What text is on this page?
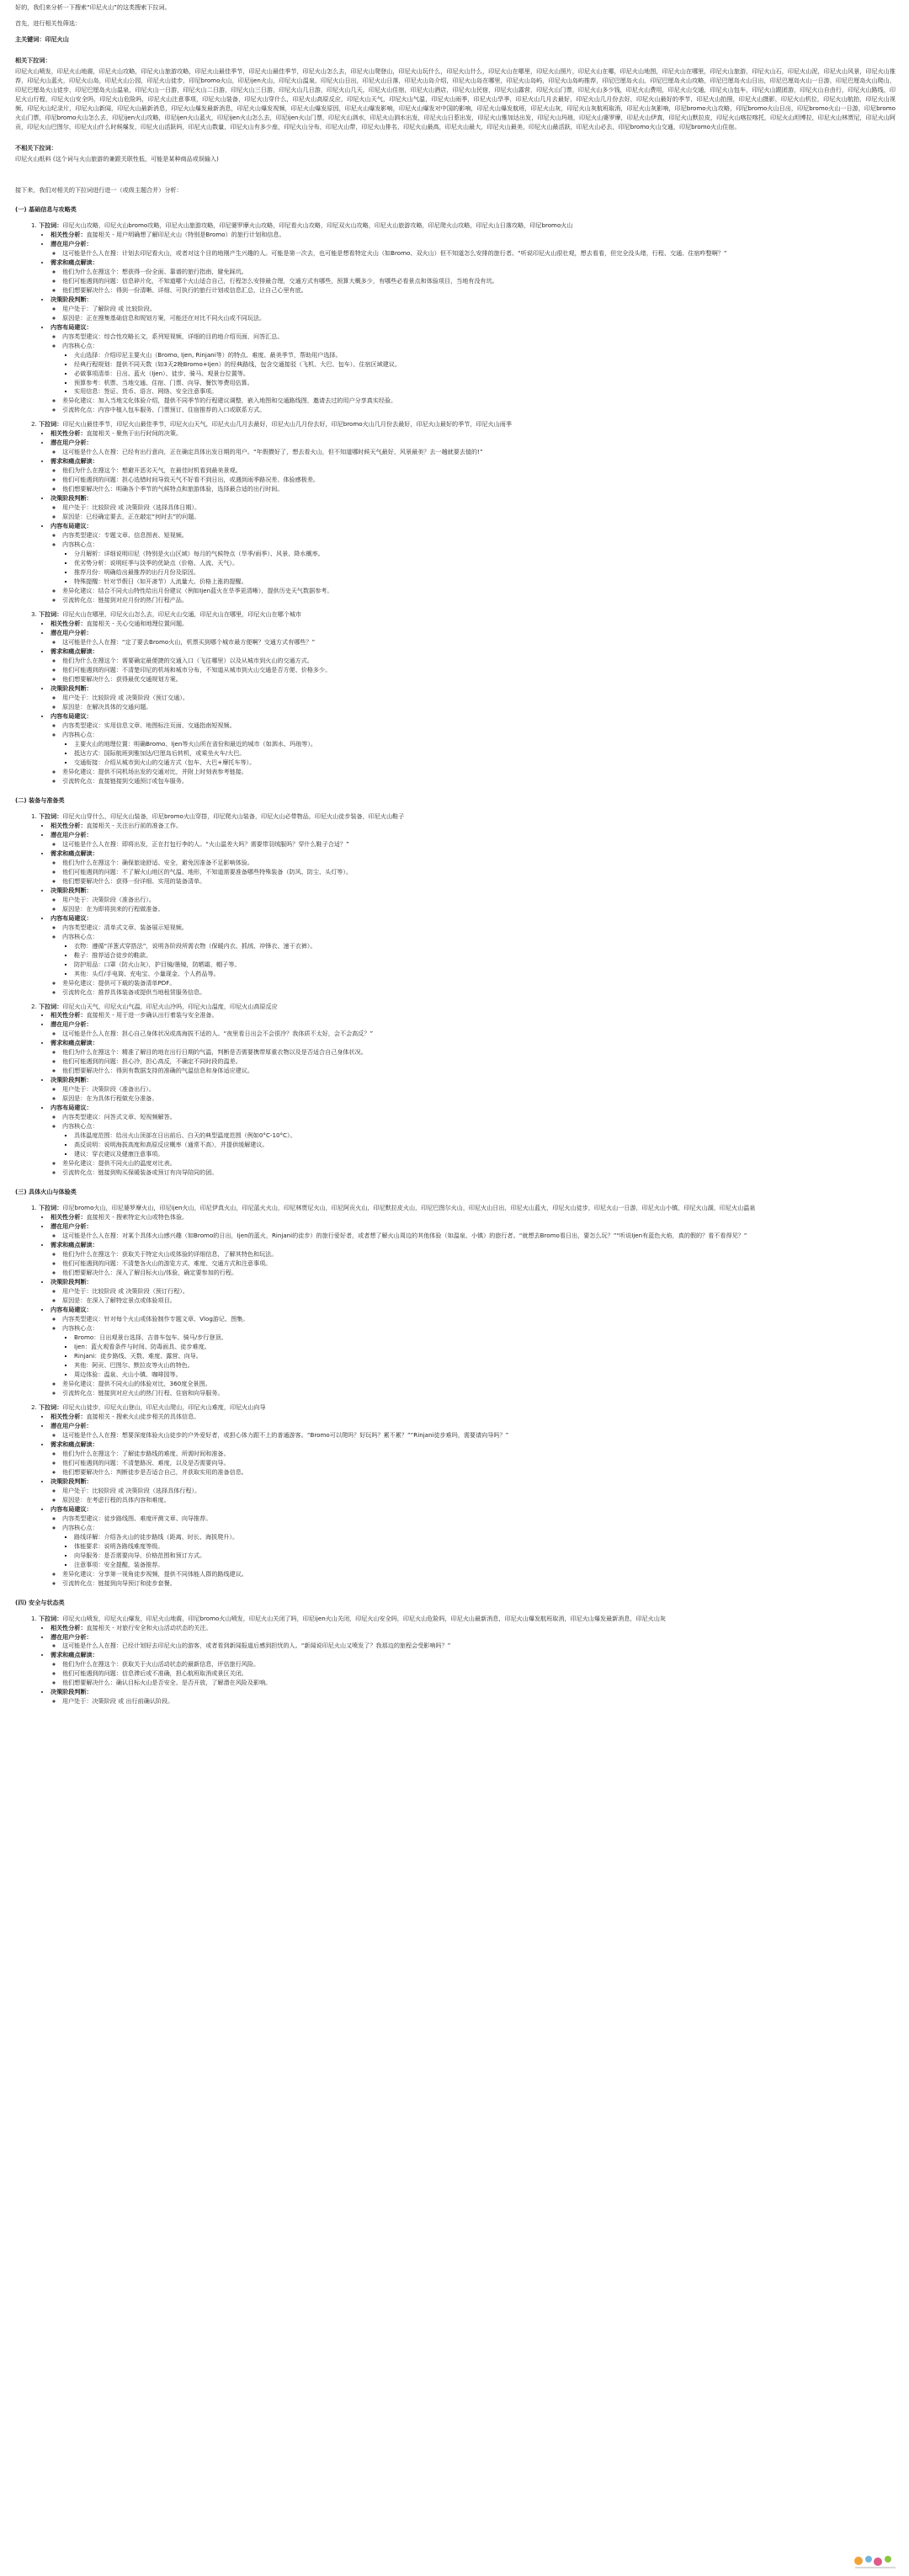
好的，我们来分析一下搜索“印尼火山”的这类搜索下拉词。

首先，进行相关性筛选：

主关键词：印尼火山

相关下拉词：
印尼火山喷发，印尼火山地震，印尼火山攻略，印尼火山旅游攻略，印尼火山最佳季节，印尼火山最佳季节，印尼火山怎么去，印尼火山爬登山，印尼火山玩什么，印尼火山什么，印尼火山在哪里，印尼火山照片，印尼火山在哪，印尼火山地图，印尼火山在哪里，印尼火山旅游，印尼火山石，印尼火山泥，印尼火山风景，印尼火山推荐，印尼火山蓝火，印尼火山岛，印尼火山公园，印尼火山徒步，印尼bromo火山，印尼ijen火山，印尼火山温泉，印尼火山日出，印尼火山日落，印尼火山岛介绍，印尼火山岛在哪里，印尼火山岛屿，印尼火山岛屿推荐，印尼巴厘岛火山，印尼巴厘岛火山攻略，印尼巴厘岛火山日出，印尼巴厘岛火山一日游，印尼巴厘岛火山爬山，印尼巴厘岛火山徒步，印尼巴厘岛火山温泉，印尼火山一日游，印尼火山二日游，印尼火山三日游，印尼火山几日游，印尼火山几天，印尼火山住宿，印尼火山酒店，印尼火山民宿，印尼火山露营，印尼火山门票，印尼火山多少钱，印尼火山费用，印尼火山交通，印尼火山包车，印尼火山跟团游，印尼火山自由行，印尼火山路线，印尼火山行程，印尼火山安全吗，印尼火山危险吗，印尼火山注意事项，印尼火山装备，印尼火山穿什么，印尼火山高原反应，印尼火山天气，印尼火山气温，印尼火山雨季，印尼火山旱季，印尼火山几月去最好，印尼火山几月份去好，印尼火山最好的季节，印尼火山拍照，印尼火山摄影，印尼火山机位，印尼火山航拍，印尼火山视频，印尼火山纪录片，印尼火山新闻，印尼火山最新消息，印尼火山爆发最新消息，印尼火山爆发视频，印尼火山爆发原因，印尼火山爆发影响，印尼火山爆发对中国的影响，印尼火山爆发航班，印尼火山灰，印尼火山灰航班取消，印尼火山灰影响，印尼bromo火山攻略，印尼bromo火山日出，印尼bromo火山一日游，印尼bromo火山门票，印尼bromo火山怎么去，印尼ijen火山攻略，印尼ijen火山蓝火，印尼ijen火山怎么去，印尼ijen火山门票，印尼火山泗水，印尼火山泗水出发，印尼火山日惹出发，印尼火山雅加达出发，印尼火山玛琅，印尼火山婆罗摩，印尼火山伊真，印尼火山默拉皮，印尼火山喀拉喀托，印尼火山坦博拉，印尼火山林贾尼，印尼火山阿贡，印尼火山巴图尔，印尼火山什么时候爆发，印尼火山活跃吗，印尼火山数量，印尼火山有多少座，印尼火山分布，印尼火山带，印尼火山排名，印尼火山最高，印尼火山最大，印尼火山最美，印尼火山最活跃，印尼火山必去，印尼bromo火山交通，印尼bromo火山住宿。
不相关下拉词：

印尼火山纸料 (这个词与火山旅游的兼跟关联性低，可能是某种商品或误输入)

接下来，我们对相关的下拉词进行进一（或级主题合并）分析：

(一) 基础信息与攻略类
1. 下拉词：印尼火山攻略，印尼火山bromo攻略，印尼火山旅游攻略，印尼婆罗摩火山攻略，印尼看火山攻略，印尼双火山攻略，印尼火山旅游攻略，印尼爬火山攻略，印尼火山日落攻略，印尼bromo火山
• 相关性分析：直接相关 - 用户明确想了解印尼火山（特别是Bromo）的旅行计划和信息。
• 潜在用户分析：
◦ 这可能是什么人在搜：计划去印尼看火山，或者对这个目的地刚产生兴趣的人。可能是第一次去，也可能是想看特定火山（如Bromo、双火山）但不知道怎么安排的旅行者。“听说印尼火山很壮观，想去看看，但完全没头绪，行程、交通、住宿咋整啊？”
• 需求和痛点解读：
◦ 他们为什么在搜这个：想获得一份全面、靠谱的旅行指南，避免踩坑。
◦ 他们可能遇到的问题：信息碎片化，不知道哪个火山适合自己，行程怎么安排最合理，交通方式有哪些，预算大概多少，有哪些必看景点和体验项目，当地有没有坑。
◦ 他们想要解决什么：得到一份清晰、详细、可执行的旅行计划或信息汇总，让自己心里有底。
• 决策阶段判断：
◦ 用户处于：了解阶段 或 比较阶段。
◦ 原因是：正在搜集基础信息和规划方案，可能还在对比不同火山或不同玩法。
• 内容布局建议：
◦ 内容类型建议：综合性攻略长文，系列短视频，详细的目的地介绍页面，问答汇总。
◦ 内容核心点：
▪ 火山选择：介绍印尼主要火山（Bromo, Ijen, Rinjani等）的特点、难度、最美季节，帮助用户选择。
▪ 经典行程规划：提供不同天数（如3天2晚Bromo+Ijen）的经典路线，包含交通接驳（飞机、大巴、包车）、住宿区域建议。
▪ 必做事项清单：日出、蓝火（Ijen）、徒步、骑马、观景台位置等。
▪ 预算参考：机票、当地交通、住宿、门票、向导、餐饮等费用估算。
▪ 实用信息：签证、货币、语言、网络、安全注意事项。
◦ 差异化建议：加入当地文化体验介绍，提供不同季节的行程建议调整，嵌入地图和交通路线图，邀请去过的用户分享真实经验。
◦ 引流转化点：内容中植入包车服务、门票预订、住宿推荐的入口或联系方式。
2. 下拉词：印尼火山最佳季节，印尼火山最佳季节，印尼火山天气，印尼火山几月去最好，印尼火山几月份去好，印尼bromo火山几月份去最好，印尼火山最好的季节，印尼火山雨季
• 相关性分析：直接相关 - 聚焦于出行时间的决策。
• 潜在用户分析：
◦ 这可能是什么人在搜：已经有出行意向，正在确定具体出发日期的用户。“年假攒好了，想去看火山，但不知道哪时候天气最好，风景最美？去一趟就要去值的!”
• 需求和痛点解读：
◦ 他们为什么在搜这个：想避开恶劣天气，在最佳时机看到最美景观。
◦ 他们可能遇到的问题：担心选错时间导致天气不好看不到日出，或遇到雨季路况差、体验感极差。
◦ 他们想要解决什么：明确各个季节的气候特点和旅游体验，选择最合适的出行时间。
• 决策阶段判断：
◦ 用户处于：比较阶段 或 决策阶段（选择具体日期）。
◦ 原因是：已经确定要去，正在敲定“何时去”的问题。
• 内容布局建议：
◦ 内容类型建议：专题文章、信息图表、短视频。
◦ 内容核心点：
▪ 分月解析：详细说明印尼（特别是火山区域）每月的气候特点（旱季/雨季）、风景、降水概率。
▪ 优劣势分析：说明旺季与淡季的优缺点（价格、人流、天气）。
▪ 推荐月份：明确给出最推荐的出行月份及原因。
▪ 特殊提醒：针对节假日（如开斋节）人流量大、价格上涨的提醒。
◦ 差异化建议：结合不同火山特性给出月份建议（例如Ijen蓝火在旱季更清晰），提供历史天气数据参考。
◦ 引流转化点：链接到对应月份的热门行程产品。
3. 下拉词：印尼火山在哪里，印尼火山怎么去，印尼火山交通，印尼火山在哪里，印尼火山在哪个城市
• 相关性分析：直接相关 - 关心交通和地理位置问题。
• 潜在用户分析：
◦ 这可能是什么人在搜：“定了要去Bromo火山，机票买到哪个城市最方便啊？交通方式有哪些？”
• 需求和痛点解读：
◦ 他们为什么在搜这个：需要确定最便捷的交通入口（飞往哪里）以及从城市到火山的交通方式。
◦ 他们可能遇到的问题：不清楚印尼的机场和城市分布，不知道从城市到火山交通是否方便、价格多少。
◦ 他们想要解决什么：获得最优交通规划方案。
• 决策阶段判断：
◦ 用户处于：比较阶段 或 决策阶段（预订交通）。
◦ 原因是：在解决具体的交通问题。
• 内容布局建议：
◦ 内容类型建议：实用信息文章、地图标注页面、交通指南短视频。
◦ 内容核心点：
▪ 主要火山的地理位置：明确Bromo、Ijen等火山所在省份和最近的城市（如泗水、玛琅等）。
▪ 抵达方式：国际航班到雅加达/巴厘岛后转机，或乘坐火车/大巴。
▪ 交通衔接：介绍从城市到火山的交通方式（包车、大巴+摩托车等）。
◦ 差异化建议：提供不同机场出发的交通对比，并附上时刻表参考链接。
◦ 引流转化点：直接链接到交通预订或包车服务。
(二) 装备与准备类
1. 下拉词：印尼火山穿什么，印尼火山装备，印尼bromo火山穿搭，印尼爬火山装备，印尼火山必带物品，印尼火山徒步装备，印尼火山鞋子
• 相关性分析：直接相关 - 关注出行前的准备工作。
• 潜在用户分析：
◦ 这可能是什么人在搜：即将出发，正在打包行李的人。“火山温差大吗？需要带羽绒服吗？穿什么鞋子合适？”
• 需求和痛点解读：
◦ 他们为什么在搜这个：确保旅途舒适、安全，避免因准备不足影响体验。
◦ 他们可能遇到的问题：不了解火山地区的气温、地形，不知道需要准备哪些特殊装备（防风、防尘、头灯等）。
◦ 他们想要解决什么：获得一份详细、实用的装备清单。
• 决策阶段判断：
◦ 用户处于：决策阶段（准备出行）。
◦ 原因是：在为即将到来的行程做准备。
• 内容布局建议：
◦ 内容类型建议：清单式文章、装备展示短视频。
◦ 内容核心点：
▪ 衣物：遵循“洋葱式穿搭法”，说明各阶段所需衣物（保暖内衣、抓绒、冲锋衣、速干衣裤）。
▪ 鞋子：推荐适合徒步的鞋款。
▪ 防护用品：口罩（防火山灰），护目镜/墨镜，防晒霜，帽子等。
▪ 其他：头灯/手电筒、充电宝、小量现金、个人药品等。
◦ 差异化建议：提供可下载的装备清单PDF。
◦ 引流转化点：推荐具体装备或提供当地租赁服务信息。
2. 下拉词：印尼火山天气，印尼火山气温，印尼火山冷吗，印尼火山温度，印尼火山高原反应
• 相关性分析：直接相关 - 用于进一步确认出行着装与安全准备。
• 潜在用户分析：
◦ 这可能是什么人在搜：担心自己身体状况或高海拔不适的人。“夜里看日出会不会很冷？我体质不太好，会不会高反？”
• 需求和痛点解读：
◦ 他们为什么在搜这个：精准了解目的地在出行日期的气温，判断是否需要携带厚重衣物以及是否适合自己身体状况。
◦ 他们可能遇到的问题：担心冷，担心高反，不确定不同时段的温差。
◦ 他们想要解决什么：得到有数据支持的准确的气温信息和身体适应建议。
• 决策阶段判断：
◦ 用户处于：决策阶段（准备出行）。
◦ 原因是：在为具体行程做充分准备。
• 内容布局建议：
◦ 内容类型建议：问答式文章、短视频解答。
◦ 内容核心点：
▪ 具体温度范围：给出火山顶部在日出前后、白天的典型温度范围（例如0°C-10°C）。
▪ 高反说明：说明海拔高度和高原反应概率（通常不高），并提供缓解建议。
▪ 建议：穿衣建议及健康注意事项。
◦ 差异化建议：提供不同火山的温度对比表。
◦ 引流转化点：链接到购买保暖装备或预订有向导陪同的团。
(三) 具体火山与体验类
1. 下拉词：印尼bromo火山，印尼婆罗摩火山，印尼ijen火山，印尼伊真火山，印尼蓝火火山，印尼林贾尼火山，印尼阿贡火山，印尼默拉皮火山，印尼巴图尔火山，印尼火山日出，印尼火山蓝火，印尼火山徒步，印尼火山一日游，印尼火山小镇，印尼火山湖，印尼火山温泉
• 相关性分析：直接相关 - 搜索特定火山或特色体验。
• 潜在用户分析：
◦ 这可能是什么人在搜：对某个具体火山感兴趣（如Bromo的日出，Ijen的蓝火，Rinjani的徒步）的旅行爱好者，或者想了解火山周边的其他体验（如温泉、小镇）的旅行者。“就想去Bromo看日出，要怎么玩？”“听说Ijen有蓝色火焰，真的假的？看不看得见？”
• 需求和痛点解读：
◦ 他们为什么在搜这个：获取关于特定火山或体验的详细信息，了解其特色和玩法。
◦ 他们可能遇到的问题：不清楚各火山的游览方式、难度、交通方式和注意事项。
◦ 他们想要解决什么：深入了解目标火山/体验，确定要参加的行程。
• 决策阶段判断：
◦ 用户处于：比较阶段 或 决策阶段（预订行程）。
◦ 原因是：在深入了解特定景点或体验项目。
• 内容布局建议：
◦ 内容类型建议：针对每个火山或体验制作专题文章、Vlog游记、图集。
◦ 内容核心点：
▪ Bromo：日出观景台选择、吉普车包车、骑马/步行登顶。
▪ Ijen：蓝火观看条件与时间、防毒面具、徒步难度。
▪ Rinjani：徒步路线、天数、难度、露营、向导。
▪ 其他：阿贡、巴图尔、默拉皮等火山的特色。
▪ 周边体验：温泉、火山小镇、咖啡园等。
◦ 差异化建议：提供不同火山的体验对比，360度全景图。
◦ 引流转化点：链接到对应火山的热门行程、住宿和向导服务。
2. 下拉词：印尼火山徒步，印尼火山登山，印尼火山爬山，印尼火山难度，印尼火山向导
• 相关性分析：直接相关 - 搜索火山徒步相关的具体信息。
• 潜在用户分析：
◦ 这可能是什么人在搜：想要深度体验火山徒步的户外爱好者，或担心体力跟不上的普通游客。“Bromo可以爬吗？好玩吗？累不累？”“Rinjani徒步难吗，需要请向导吗？”
• 需求和痛点解读：
◦ 他们为什么在搜这个：了解徒步路线的难度、所需时间和准备。
◦ 他们可能遇到的问题：不清楚路况、难度，以及是否需要向导。
◦ 他们想要解决什么：判断徒步是否适合自己，并获取实用的准备信息。
• 决策阶段判断：
◦ 用户处于：比较阶段 或 决策阶段（选择具体行程）。
◦ 原因是：在考虑行程的具体内容和难度。
• 内容布局建议：
◦ 内容类型建议：徒步路线图、难度评测文章、向导推荐。
◦ 内容核心点：
▪ 路线详解：介绍各火山的徒步路线（距离、时长、海拔爬升）。
▪ 体能要求：说明各路线难度等级。
▪ 向导服务：是否需要向导、价格范围和预订方式。
▪ 注意事项：安全提醒，装备推荐。
◦ 差异化建议：分享第一视角徒步视频，提供不同体能人群的路线建议。
◦ 引流转化点：链接到向导预订和徒步套餐。
(四) 安全与状态类
1. 下拉词：印尼火山喷发，印尼火山爆发，印尼火山地震，印尼bromo火山喷发，印尼火山关闭了吗，印尼ijen火山关闭，印尼火山安全吗，印尼火山危险吗，印尼火山最新消息，印尼火山爆发航班取消，印尼火山爆发最新消息，印尼火山灰
• 相关性分析：直接相关 - 对旅行安全和火山活动状态的关注。
• 潜在用户分析：
◦ 这可能是什么人在搜：已经计划好去印尼火山的游客，或者看到新闻报道后感到担忧的人。“新闻说印尼火山又喷发了？我那边的旅程会受影响吗？”
• 需求和痛点解读：
◦ 他们为什么在搜这个：获取关于火山活动状态的最新信息，评估旅行风险。
◦ 他们可能遇到的问题：信息滞后或不准确，担心航班取消或景区关闭。
◦ 他们想要解决什么：确认目标火山是否安全、是否开放，了解潜在风险及影响。
• 决策阶段判断：
◦ 用户处于：决策阶段 或 出行前确认阶段。
